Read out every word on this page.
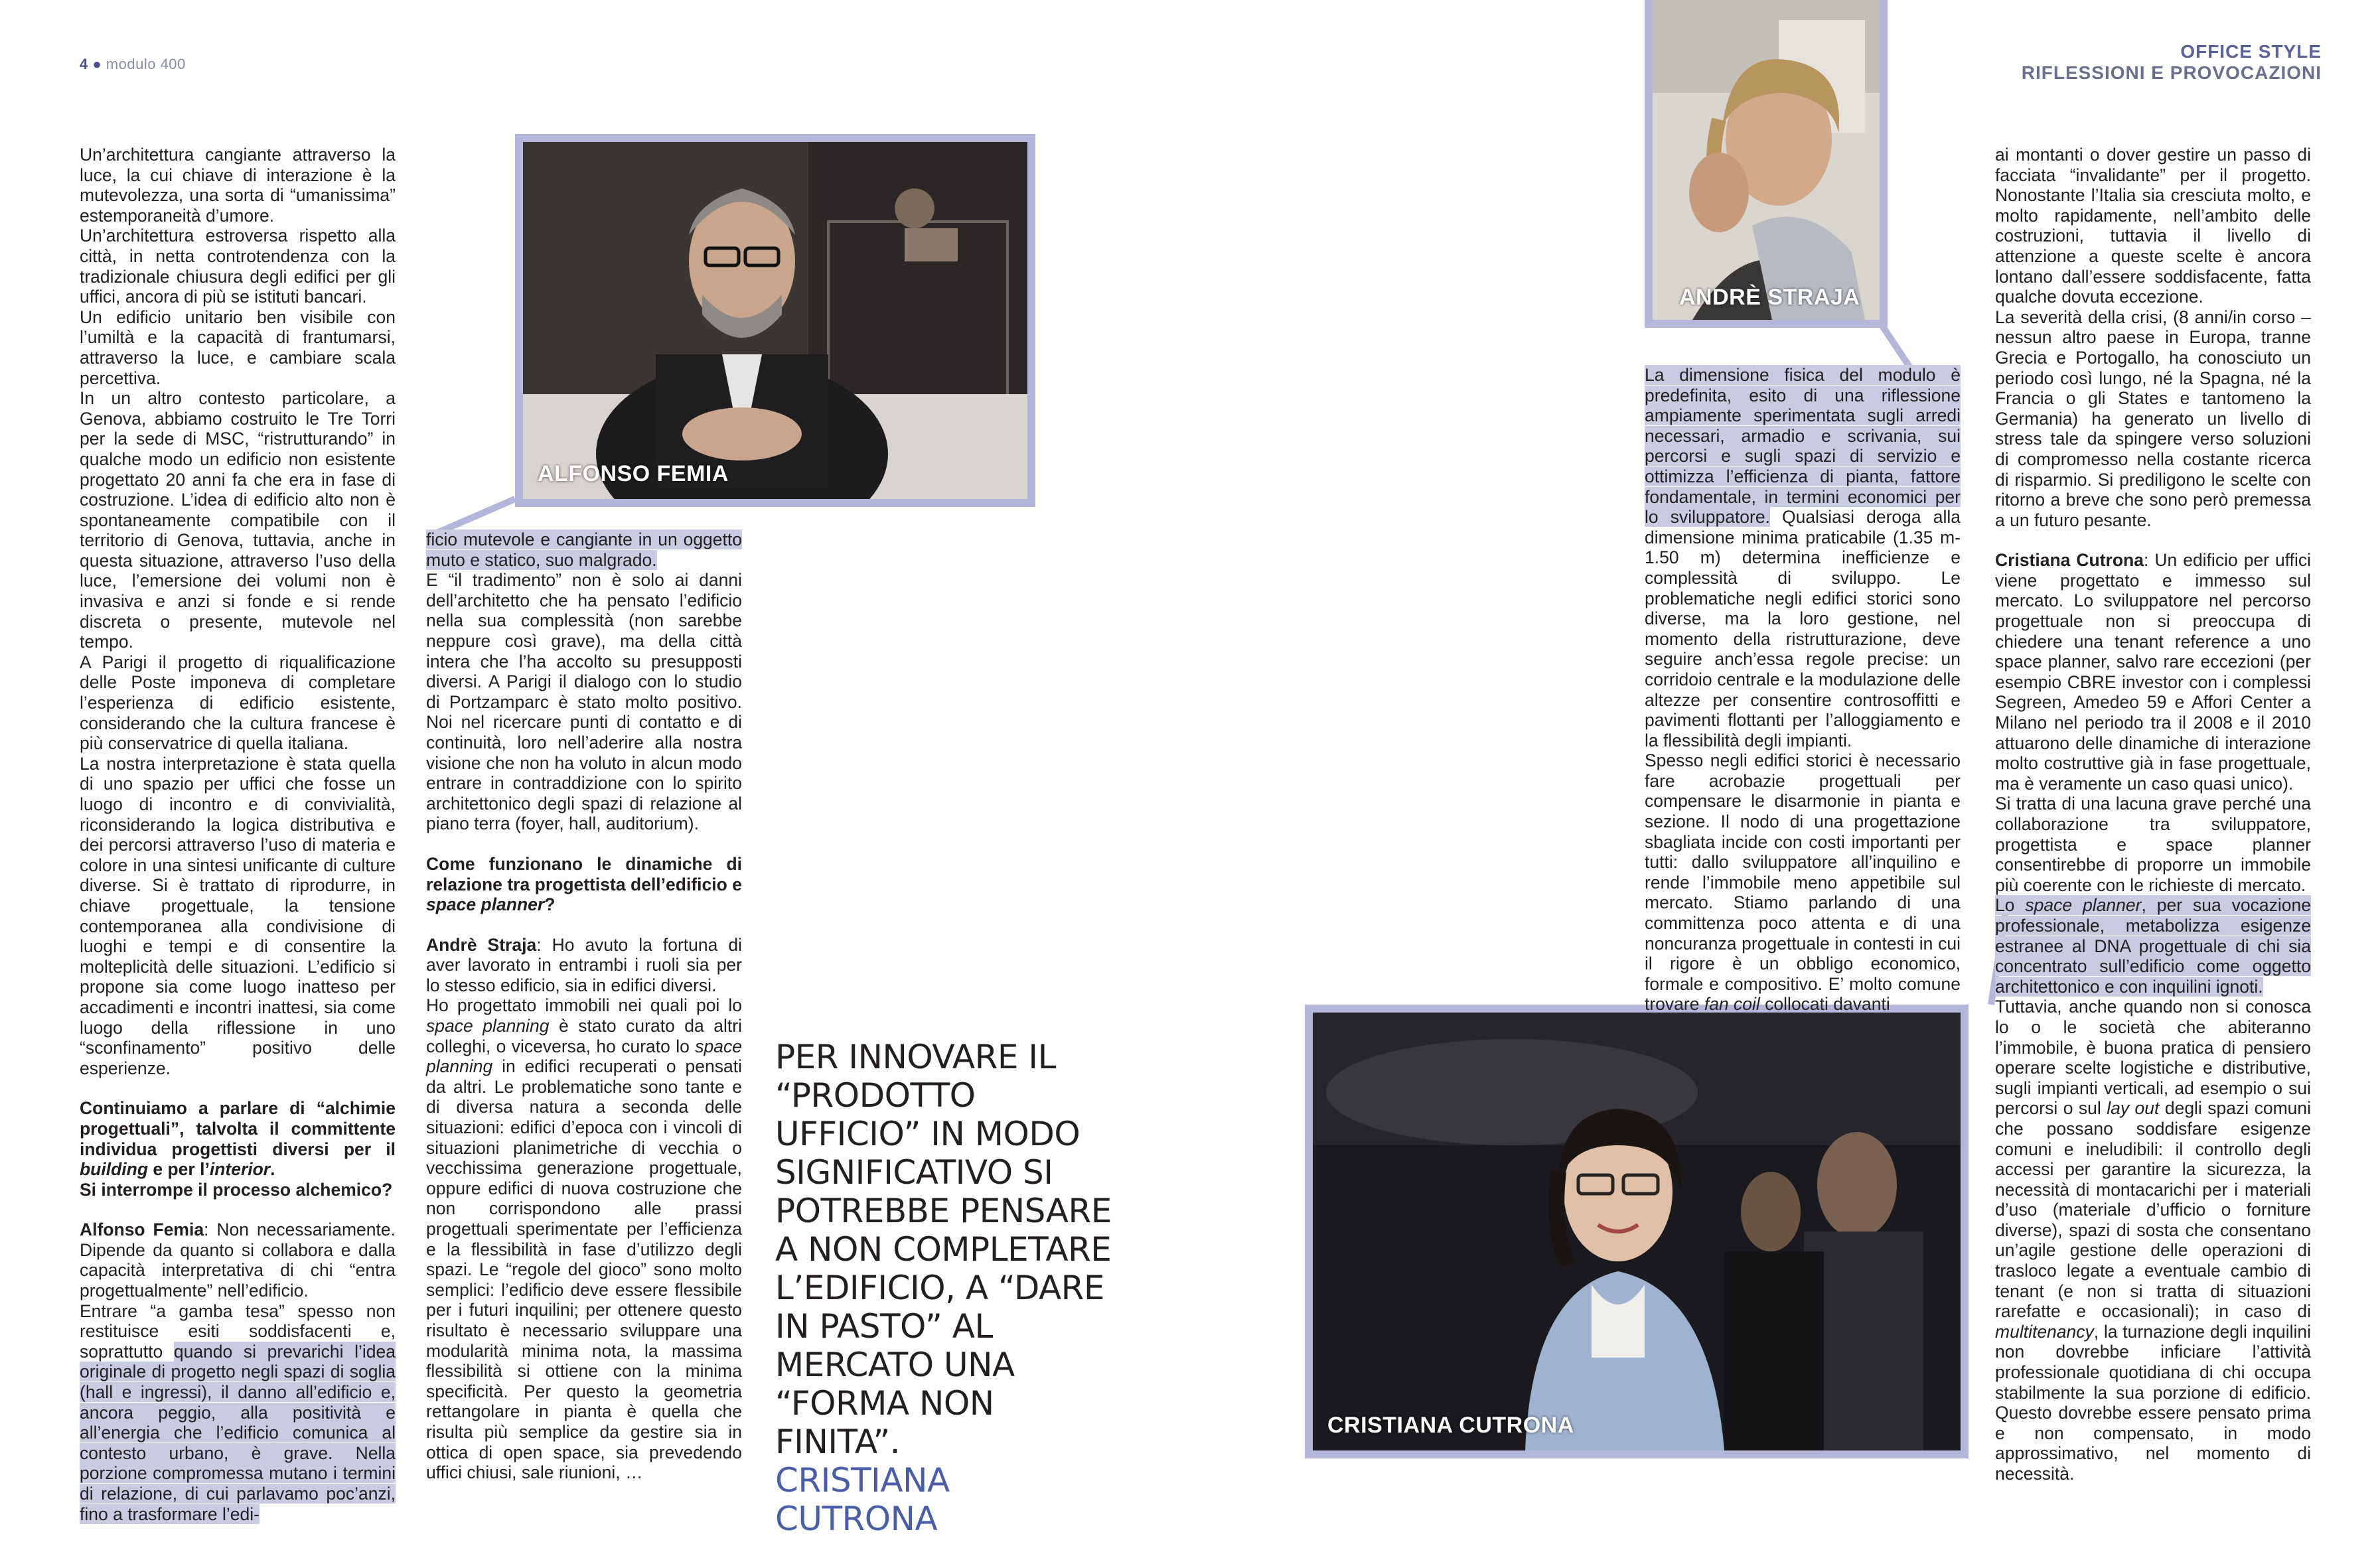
4 ● modulo 400
OFFICE STYLE
RIFLESSIONI E PROVOCAZIONI
ALFONSO FEMIA
ANDRÈ STRAJA
CRISTIANA CUTRONA

Un’architettura cangiante attraverso la luce, la cui chiave di interazione è la mutevolezza, una sorta di “umanissima” estemporaneità d’umore.

Un’architettura estroversa rispetto alla città, in netta controtendenza con la tradizionale chiusura degli edifici per gli uffici, ancora di più se istituti bancari.

Un edificio unitario ben visibile con l’umiltà e la capacità di frantumarsi, attraverso la luce, e cambiare scala percettiva.

In un altro contesto particolare, a Genova, abbiamo costruito le Tre Torri per la sede di MSC, “ristrutturando” in qualche modo un edificio non esistente progettato 20 anni fa che era in fase di costruzione. L’idea di edificio alto non è spontaneamente compatibile con il territorio di Genova, tuttavia, anche in questa situazione, attraverso l’uso della luce, l’emersione dei volumi non è invasiva e anzi si fonde e si rende discreta o presente, mutevole nel tempo.

A Parigi il progetto di riqualificazione delle Poste imponeva di completare l’esperienza di edificio esistente, considerando che la cultura francese è più conservatrice di quella italiana.

La nostra interpretazione è stata quella di uno spazio per uffici che fosse un luogo di incontro e di convivialità, riconsiderando la logica distributiva e dei percorsi attraverso l’uso di materia e colore in una sintesi unificante di culture diverse. Si è trattato di riprodurre, in chiave progettuale, la tensione contemporanea alla condivisione di luoghi e tempi e di consentire la molteplicità delle situazioni. L’edificio si propone sia come luogo inatteso per accadimenti e incontri inattesi, sia come luogo della riflessione in uno “sconfinamento” positivo delle esperienze.

Continuiamo a parlare di “alchimie progettuali”, talvolta il committente individua progettisti diversi per il building e per l’interior.
Si interrompe il processo alchemico?

Alfonso Femia: Non necessariamente. Dipende da quanto si collabora e dalla capacità interpretativa di chi “entra progettualmente” nell’edificio.

Entrare “a gamba tesa” spesso non restituisce esiti soddisfacenti e, soprattutto quando si prevarichi l’idea originale di progetto negli spazi di soglia (hall e ingressi), il danno all’edificio e, ancora peggio, alla positività e all’energia che l’edificio comunica al contesto urbano, è grave. Nella porzione compromessa mutano i termini di relazione, di cui parlavamo poc’anzi, fino a trasformare l’edi-

ficio mutevole e cangiante in un oggetto muto e statico, suo malgrado.

E “il tradimento” non è solo ai danni dell’architetto che ha pensato l’edificio nella sua complessità (non sarebbe neppure così grave), ma della città intera che l’ha accolto su presupposti diversi. A Parigi il dialogo con lo studio di Portzamparc è stato molto positivo. Noi nel ricercare punti di contatto e di continuità, loro nell’aderire alla nostra visione che non ha voluto in alcun modo entrare in contraddizione con lo spirito architettonico degli spazi di relazione al piano terra (foyer, hall, auditorium).

Come funzionano le dinamiche di relazione tra progettista dell’edificio e space planner?

Andrè Straja: Ho avuto la fortuna di aver lavorato in entrambi i ruoli sia per lo stesso edificio, sia in edifici diversi.

Ho progettato immobili nei quali poi lo space planning è stato curato da altri colleghi, o viceversa, ho curato lo space planning in edifici recuperati o pensati da altri. Le problematiche sono tante e di diversa natura a seconda delle situazioni: edifici d’epoca con i vincoli di situazioni planimetriche di vecchia o vecchissima generazione progettuale, oppure edifici di nuova costruzione che non corrispondono alle prassi progettuali sperimentate per l’efficienza e la flessibilità in fase d’utilizzo degli spazi. Le “regole del gioco” sono molto semplici: l’edificio deve essere flessibile per i futuri inquilini; per ottenere questo risultato è necessario sviluppare una modularità minima nota, la massima flessibilità si ottiene con la minima specificità. Per questo la geometria rettangolare in pianta è quella che risulta più semplice da gestire sia in ottica di open space, sia prevedendo uffici chiusi, sale riunioni, …

PER INNOVARE IL “PRODOTTO UFFICIO” IN MODO SIGNIFICATIVO SI POTREBBE PENSARE A NON COMPLETARE L’EDIFICIO, A “DARE IN PASTO” AL MERCATO UNA “FORMA NON FINITA”.
CRISTIANA CUTRONA

La dimensione fisica del modulo è predefinita, esito di una riflessione ampiamente sperimentata sugli arredi necessari, armadio e scrivania, sui percorsi e sugli spazi di servizio e ottimizza l’efficienza di pianta, fattore fondamentale, in termini economici per lo sviluppatore. Qualsiasi deroga alla dimensione minima praticabile (1.35 m-1.50 m) determina inefficienze e complessità di sviluppo. Le problematiche negli edifici storici sono diverse, ma la loro gestione, nel momento della ristrutturazione, deve seguire anch’essa regole precise: un corridoio centrale e la modulazione delle altezze per consentire controsoffitti e pavimenti flottanti per l’alloggiamento e la flessibilità degli impianti.

Spesso negli edifici storici è necessario fare acrobazie progettuali per compensare le disarmonie in pianta e sezione. Il nodo di una progettazione sbagliata incide con costi importanti per tutti: dallo sviluppatore all’inquilino e rende l’immobile meno appetibile sul mercato. Stiamo parlando di una committenza poco attenta e di una noncuranza progettuale in contesti in cui il rigore è un obbligo economico, formale e compositivo. E’ molto comune trovare fan coil collocati davanti

ai montanti o dover gestire un passo di facciata “invalidante” per il progetto. Nonostante l’Italia sia cresciuta molto, e molto rapidamente, nell’ambito delle costruzioni, tuttavia il livello di attenzione a queste scelte è ancora lontano dall’essere soddisfacente, fatta qualche dovuta eccezione.

La severità della crisi, (8 anni/in corso – nessun altro paese in Europa, tranne Grecia e Portogallo, ha conosciuto un periodo così lungo, né la Spagna, né la Francia o gli States e tantomeno la Germania) ha generato un livello di stress tale da spingere verso soluzioni di compromesso nella costante ricerca di risparmio. Si prediligono le scelte con ritorno a breve che sono però premessa a un futuro pesante.

Cristiana Cutrona: Un edificio per uffici viene progettato e immesso sul mercato. Lo sviluppatore nel percorso progettuale non si preoccupa di chiedere una tenant reference a uno space planner, salvo rare eccezioni (per esempio CBRE investor con i complessi Segreen, Amedeo 59 e Affori Center a Milano nel periodo tra il 2008 e il 2010 attuarono delle dinamiche di interazione molto costruttive già in fase progettuale, ma è veramente un caso quasi unico).

Si tratta di una lacuna grave perché una collaborazione tra sviluppatore, progettista e space planner consentirebbe di proporre un immobile più coerente con le richieste di mercato.

Lo space planner, per sua vocazione professionale, metabolizza esigenze estranee al DNA progettuale di chi sia concentrato sull’edificio come oggetto architettonico e con inquilini ignoti.

Tuttavia, anche quando non si conosca lo o le società che abiteranno l’immobile, è buona pratica di pensiero operare scelte logistiche e distributive, sugli impianti verticali, ad esempio o sui percorsi o sul lay out degli spazi comuni che possano soddisfare esigenze comuni e ineludibili: il controllo degli accessi per garantire la sicurezza, la necessità di montacarichi per i materiali d’uso (materiale d’ufficio o forniture diverse), spazi di sosta che consentano un’agile gestione delle operazioni di trasloco legate a eventuale cambio di tenant (e non si tratta di situazioni rarefatte e occasionali); in caso di multitenancy, la turnazione degli inquilini non dovrebbe inficiare l’attività professionale quotidiana di chi occupa stabilmente la sua porzione di edificio. Questo dovrebbe essere pensato prima e non compensato, in modo approssimativo, nel momento di necessità.
